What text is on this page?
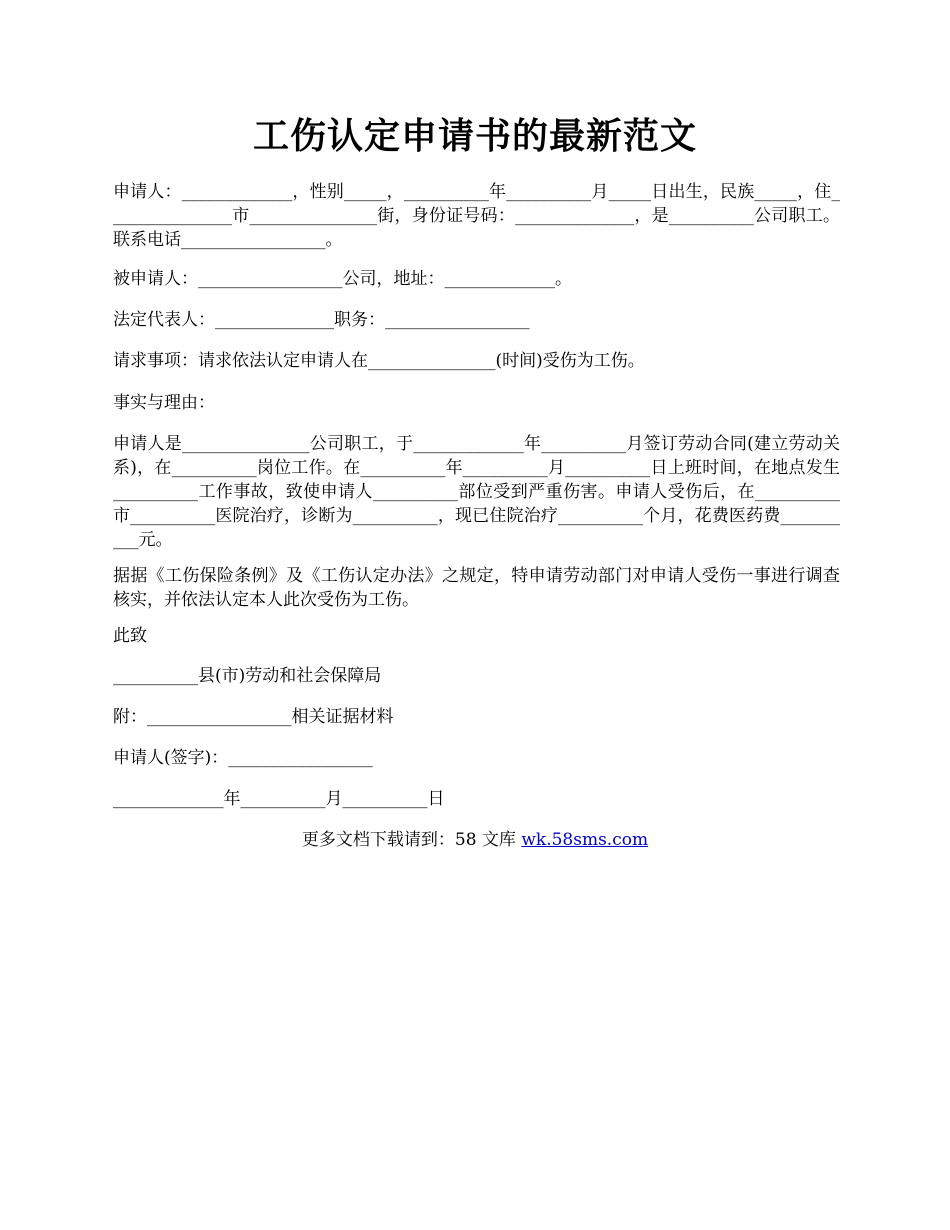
工伤认定申请书的最新范文
申请人：_____________，性别_____，__________年__________月_____日出生，民族_____，住_______________市_______________街，身份证号码：______________，是__________公司职工。联系电话_________________。
被申请人：_________________公司，地址：_____________。
法定代表人：______________职务：_________________
请求事项：请求依法认定申请人在_______________(时间)受伤为工伤。
事实与理由：
申请人是_______________公司职工，于_____________年__________月签订劳动合同(建立劳动关系)，在__________岗位工作。在__________年__________月__________日上班时间，在地点发生__________工作事故，致使申请人__________部位受到严重伤害。申请人受伤后，在__________市__________医院治疗，诊断为__________，现已住院治疗__________个月，花费医药费__________元。
据据《工伤保险条例》及《工伤认定办法》之规定，特申请劳动部门对申请人受伤一事进行调查核实，并依法认定本人此次受伤为工伤。
此致
__________县(市)劳动和社会保障局
附：_________________相关证据材料
申请人(签字)：_________________
_____________年__________月__________日
更多文档下载请到：58 文库 wk.58sms.com
